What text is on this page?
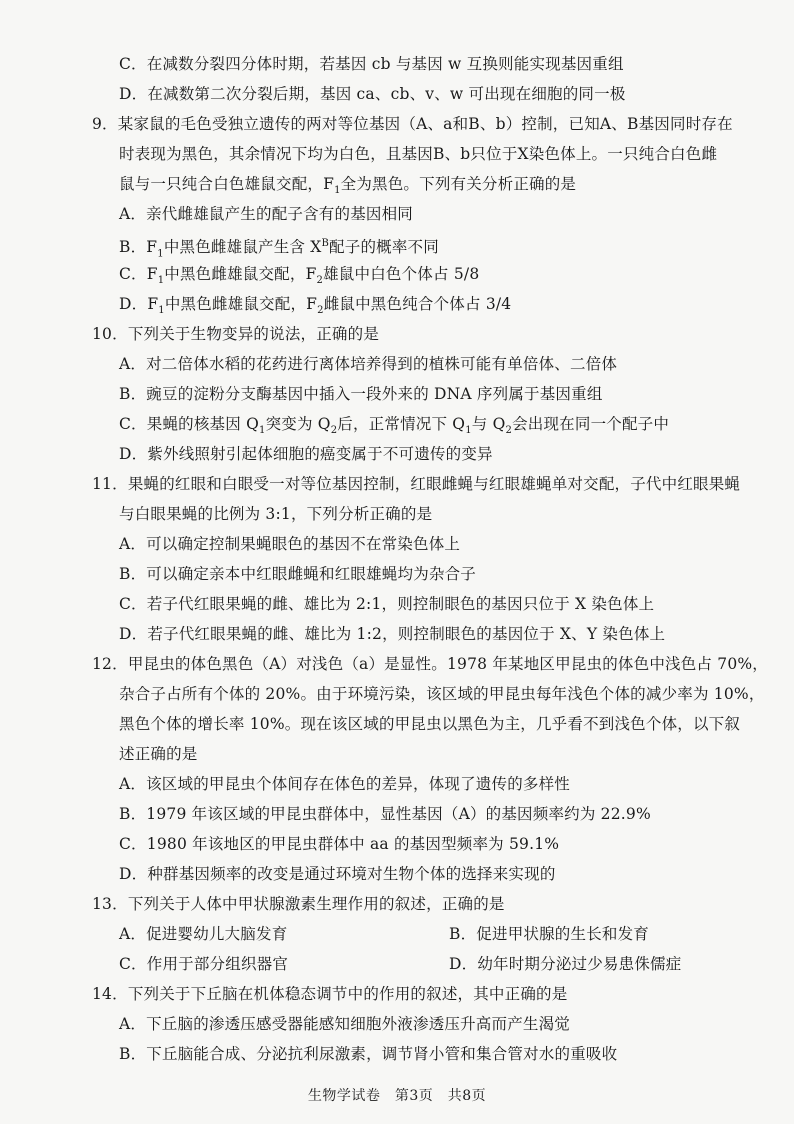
C．在减数分裂四分体时期，若基因 cb 与基因 w 互换则能实现基因重组
D．在减数第二次分裂后期，基因 ca、cb、v、w 可出现在细胞的同一极
9．某家鼠的毛色受独立遗传的两对等位基因（A、a和B、b）控制，已知A、B基因同时存在
时表现为黑色，其余情况下均为白色，且基因B、b只位于X染色体上。一只纯合白色雌
鼠与一只纯合白色雄鼠交配，$F_1$全为黑色。下列有关分析正确的是
A．亲代雌雄鼠产生的配子含有的基因相同
B．$F_1$中黑色雌雄鼠产生含 $X^B$配子的概率不同
C．$F_1$中黑色雌雄鼠交配，$F_2$雄鼠中白色个体占 5/8
D．$F_1$中黑色雌雄鼠交配，$F_2$雌鼠中黑色纯合个体占 3/4
10．下列关于生物变异的说法，正确的是
A．对二倍体水稻的花药进行离体培养得到的植株可能有单倍体、二倍体
B．豌豆的淀粉分支酶基因中插入一段外来的 DNA 序列属于基因重组
C．果蝇的核基因 $Q_1$突变为 $Q_2$后，正常情况下 $Q_1$与 $Q_2$会出现在同一个配子中
D．紫外线照射引起体细胞的癌变属于不可遗传的变异
11．果蝇的红眼和白眼受一对等位基因控制，红眼雌蝇与红眼雄蝇单对交配，子代中红眼果蝇
与白眼果蝇的比例为 3:1，下列分析正确的是
A．可以确定控制果蝇眼色的基因不在常染色体上
B．可以确定亲本中红眼雌蝇和红眼雄蝇均为杂合子
C．若子代红眼果蝇的雌、雄比为 2:1，则控制眼色的基因只位于 X 染色体上
D．若子代红眼果蝇的雌、雄比为 1:2，则控制眼色的基因位于 X、Y 染色体上
12．甲昆虫的体色黑色（A）对浅色（a）是显性。1978 年某地区甲昆虫的体色中浅色占 70%，
杂合子占所有个体的 20%。由于环境污染，该区域的甲昆虫每年浅色个体的减少率为 10%，
黑色个体的增长率 10%。现在该区域的甲昆虫以黑色为主，几乎看不到浅色个体，以下叙
述正确的是
A．该区域的甲昆虫个体间存在体色的差异，体现了遗传的多样性
B．1979 年该区域的甲昆虫群体中，显性基因（A）的基因频率约为 22.9%
C．1980 年该地区的甲昆虫群体中 aa 的基因型频率为 59.1%
D．种群基因频率的改变是通过环境对生物个体的选择来实现的
13．下列关于人体中甲状腺激素生理作用的叙述，正确的是
A．促进婴幼儿大脑发育	B．促进甲状腺的生长和发育
C．作用于部分组织器官	D．幼年时期分泌过少易患侏儒症
14．下列关于下丘脑在机体稳态调节中的作用的叙述，其中正确的是
A．下丘脑的渗透压感受器能感知细胞外液渗透压升高而产生渴觉
B．下丘脑能合成、分泌抗利尿激素，调节肾小管和集合管对水的重吸收
生物学试卷　第3页　共8页
